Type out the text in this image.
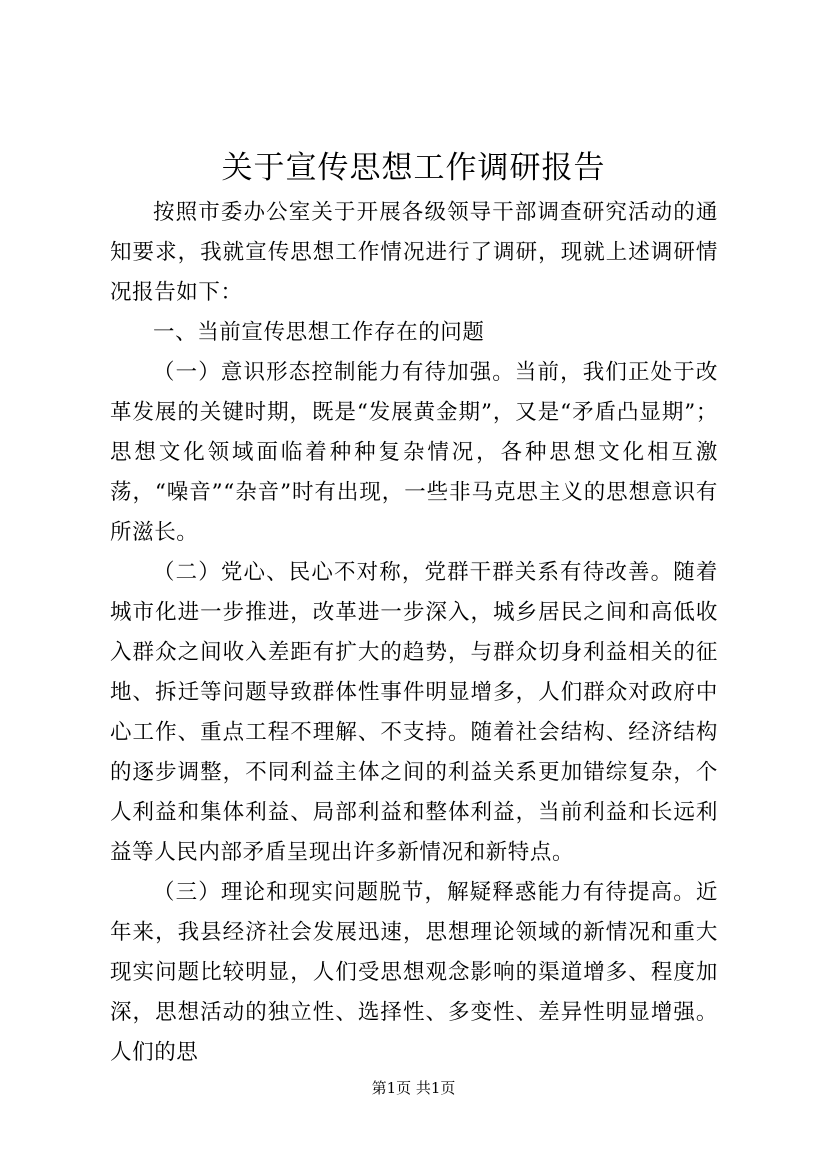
关于宣传思想工作调研报告

按照市委办公室关于开展各级领导干部调查研究活动的通知要求，我就宣传思想工作情况进行了调研，现就上述调研情况报告如下：

一、当前宣传思想工作存在的问题

（一）意识形态控制能力有待加强。当前，我们正处于改革发展的关键时期，既是“发展黄金期”，又是“矛盾凸显期”；思想文化领域面临着种种复杂情况，各种思想文化相互激荡，“噪音”“杂音”时有出现，一些非马克思主义的思想意识有所滋长。

（二）党心、民心不对称，党群干群关系有待改善。随着城市化进一步推进，改革进一步深入，城乡居民之间和高低收入群众之间收入差距有扩大的趋势，与群众切身利益相关的征地、拆迁等问题导致群体性事件明显增多，人们群众对政府中心工作、重点工程不理解、不支持。随着社会结构、经济结构的逐步调整，不同利益主体之间的利益关系更加错综复杂，个人利益和集体利益、局部利益和整体利益，当前利益和长远利益等人民内部矛盾呈现出许多新情况和新特点。

（三）理论和现实问题脱节，解疑释惑能力有待提高。近年来，我县经济社会发展迅速，思想理论领域的新情况和重大现实问题比较明显，人们受思想观念影响的渠道增多、程度加深，思想活动的独立性、选择性、多变性、差异性明显增强。人们的思

第1页 共1页
